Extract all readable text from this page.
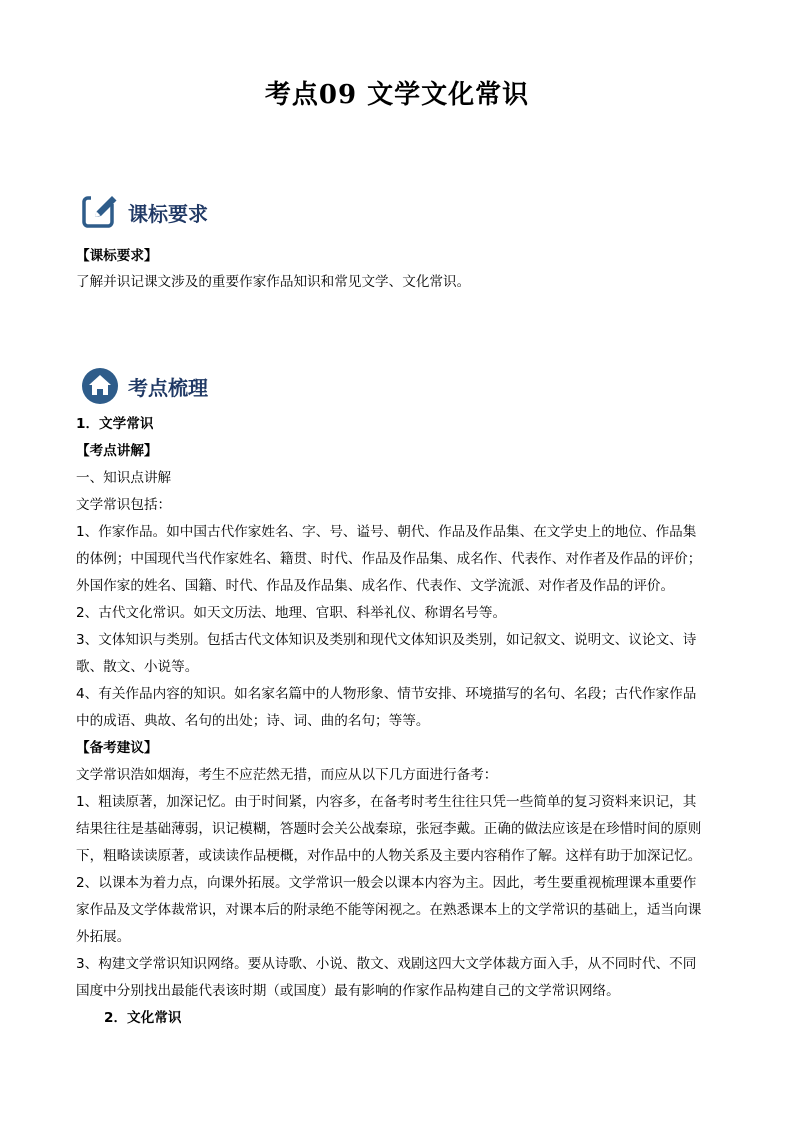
考点09 文学文化常识
课标要求
【课标要求】
了解并识记课文涉及的重要作家作品知识和常见文学、文化常识。
考点梳理
1．文学常识
【考点讲解】
一、知识点讲解
文学常识包括：
1、作家作品。如中国古代作家姓名、字、号、谥号、朝代、作品及作品集、在文学史上的地位、作品集
的体例；中国现代当代作家姓名、籍贯、时代、作品及作品集、成名作、代表作、对作者及作品的评价；
外国作家的姓名、国籍、时代、作品及作品集、成名作、代表作、文学流派、对作者及作品的评价。
2、古代文化常识。如天文历法、地理、官职、科举礼仪、称谓名号等。
3、文体知识与类别。包括古代文体知识及类别和现代文体知识及类别，如记叙文、说明文、议论文、诗
歌、散文、小说等。
4、有关作品内容的知识。如名家名篇中的人物形象、情节安排、环境描写的名句、名段；古代作家作品
中的成语、典故、名句的出处；诗、词、曲的名句；等等。
【备考建议】
文学常识浩如烟海，考生不应茫然无措，而应从以下几方面进行备考：
1、粗读原著，加深记忆。由于时间紧，内容多，在备考时考生往往只凭一些简单的复习资料来识记，其
结果往往是基础薄弱，识记模糊，答题时会关公战秦琼，张冠李戴。正确的做法应该是在珍惜时间的原则
下，粗略读读原著，或读读作品梗概，对作品中的人物关系及主要内容稍作了解。这样有助于加深记忆。
2、以课本为着力点，向课外拓展。文学常识一般会以课本内容为主。因此，考生要重视梳理课本重要作
家作品及文学体裁常识，对课本后的附录绝不能等闲视之。在熟悉课本上的文学常识的基础上，适当向课
外拓展。
3、构建文学常识知识网络。要从诗歌、小说、散文、戏剧这四大文学体裁方面入手，从不同时代、不同
国度中分别找出最能代表该时期（或国度）最有影响的作家作品构建自己的文学常识网络。
2．文化常识
